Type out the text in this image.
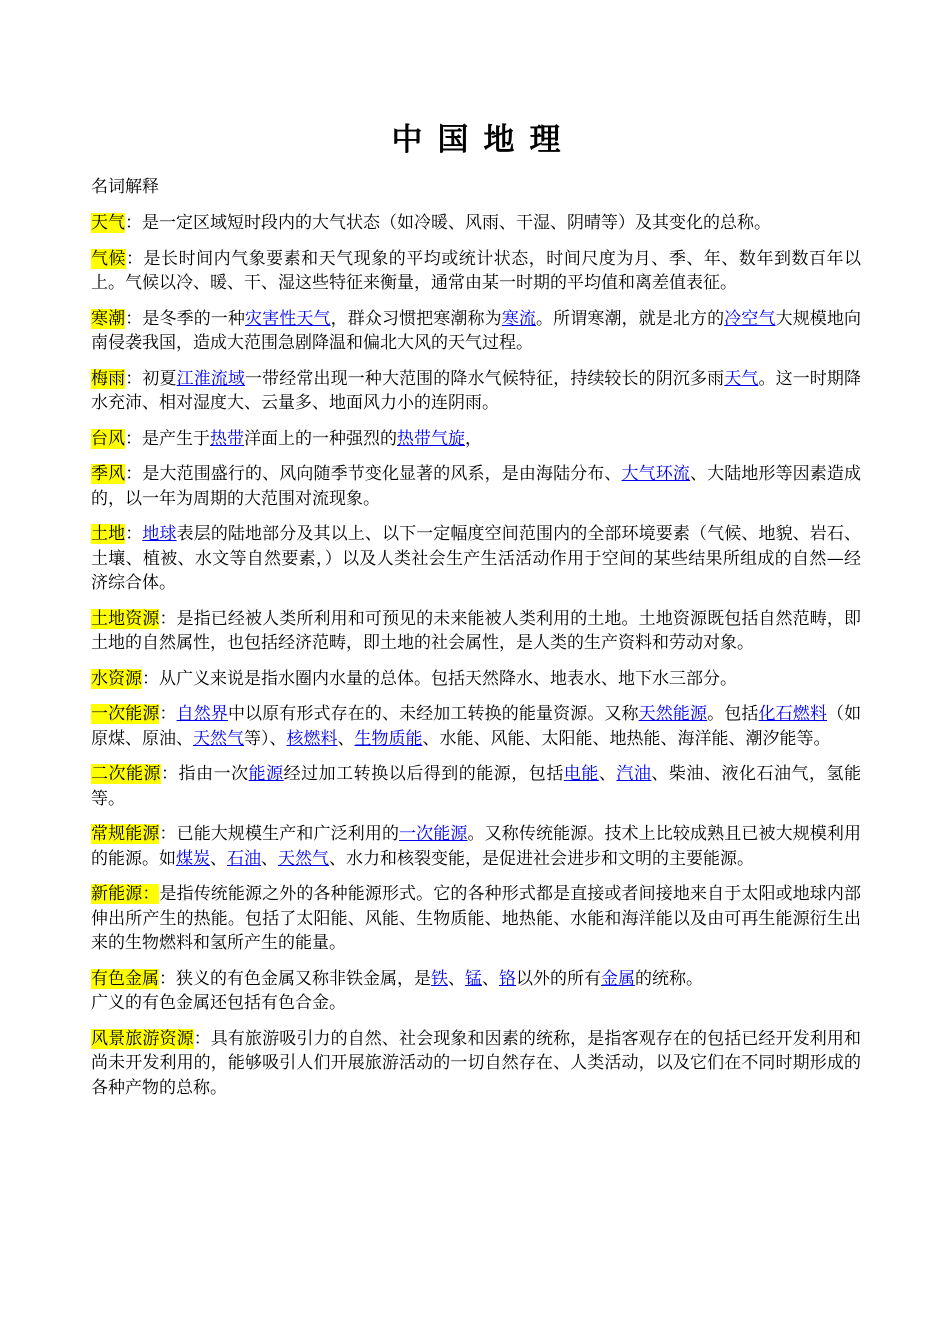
中国地理
名词解释
天气：是一定区域短时段内的大气状态（如冷暖、风雨、干湿、阴晴等）及其变化的总称。
气候：是长时间内气象要素和天气现象的平均或统计状态，时间尺度为月、季、年、数年到数百年以上。气候以冷、暖、干、湿这些特征来衡量，通常由某一时期的平均值和离差值表征。
寒潮：是冬季的一种灾害性天气，群众习惯把寒潮称为寒流。所谓寒潮，就是北方的冷空气大规模地向南侵袭我国，造成大范围急剧降温和偏北大风的天气过程。
梅雨：初夏江淮流域一带经常出现一种大范围的降水气候特征，持续较长的阴沉多雨天气。这一时期降水充沛、相对湿度大、云量多、地面风力小的连阴雨。
台风：是产生于热带洋面上的一种强烈的热带气旋，
季风：是大范围盛行的、风向随季节变化显著的风系，是由海陆分布、大气环流、大陆地形等因素造成的，以一年为周期的大范围对流现象。
土地：地球表层的陆地部分及其以上、以下一定幅度空间范围内的全部环境要素（气候、地貌、岩石、土壤、植被、水文等自然要素，）以及人类社会生产生活活动作用于空间的某些结果所组成的自然—经济综合体。
土地资源：是指已经被人类所利用和可预见的未来能被人类利用的土地。土地资源既包括自然范畴，即土地的自然属性，也包括经济范畴，即土地的社会属性，是人类的生产资料和劳动对象。
水资源：从广义来说是指水圈内水量的总体。包括天然降水、地表水、地下水三部分。
一次能源：自然界中以原有形式存在的、未经加工转换的能量资源。又称天然能源。包括化石燃料（如原煤、原油、天然气等）、核燃料、生物质能、水能、风能、太阳能、地热能、海洋能、潮汐能等。
二次能源：指由一次能源经过加工转换以后得到的能源，包括电能、汽油、柴油、液化石油气，氢能等。
常规能源：已能大规模生产和广泛利用的一次能源。又称传统能源。技术上比较成熟且已被大规模利用的能源。如煤炭、石油、天然气、水力和核裂变能，是促进社会进步和文明的主要能源。
新能源：是指传统能源之外的各种能源形式。它的各种形式都是直接或者间接地来自于太阳或地球内部伸出所产生的热能。包括了太阳能、风能、生物质能、地热能、水能和海洋能以及由可再生能源衍生出来的生物燃料和氢所产生的能量。
有色金属：狭义的有色金属又称非铁金属，是铁、锰、铬以外的所有金属的统称。
广义的有色金属还包括有色合金。
风景旅游资源：具有旅游吸引力的自然、社会现象和因素的统称，是指客观存在的包括已经开发利用和尚未开发利用的，能够吸引人们开展旅游活动的一切自然存在、人类活动，以及它们在不同时期形成的各种产物的总称。
